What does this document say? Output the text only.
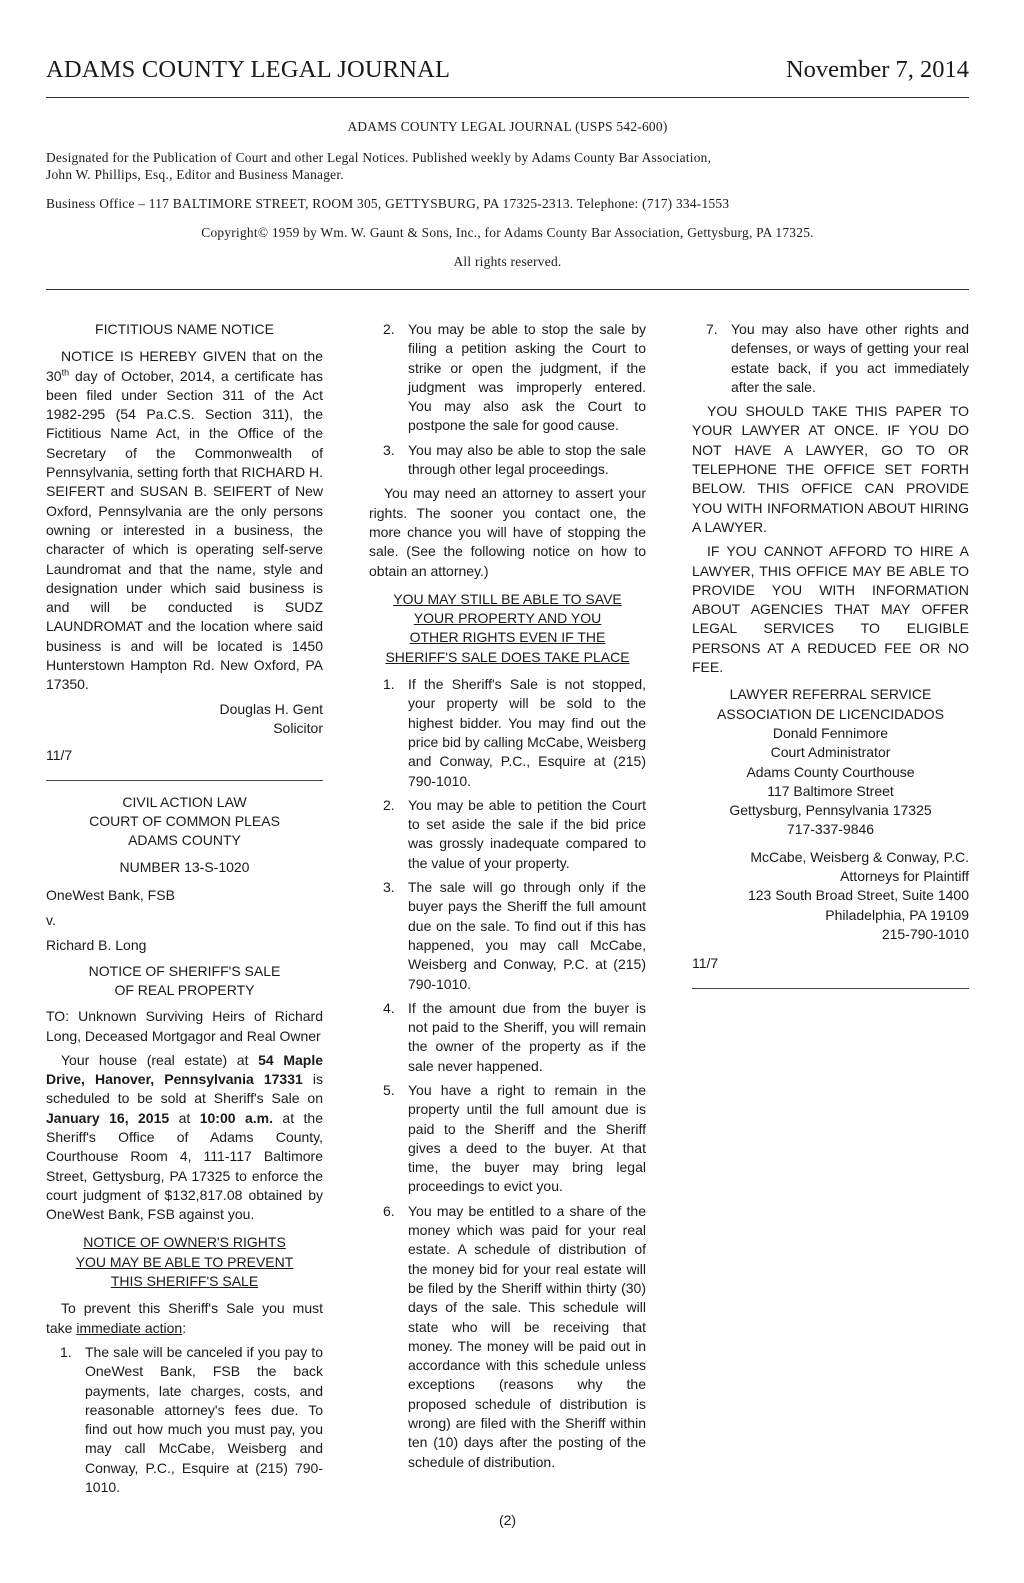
ADAMS COUNTY LEGAL JOURNAL	November 7, 2014

ADAMS COUNTY LEGAL JOURNAL (USPS 542-600)

Designated for the Publication of Court and other Legal Notices. Published weekly by Adams County Bar Association,

John W. Phillips, Esq., Editor and Business Manager.

Business Office – 117 BALTIMORE STREET, ROOM 305, GETTYSBURG, PA 17325-2313. Telephone: (717) 334-1553

Copyright© 1959 by Wm. W. Gaunt & Sons, Inc., for Adams County Bar Association, Gettysburg, PA 17325.

All rights reserved.

FICTITIOUS NAME NOTICE

NOTICE IS HEREBY GIVEN that on the 30th day of October, 2014, a certificate has been filed under Section 311 of the Act 1982-295 (54 Pa.C.S. Section 311), the Fictitious Name Act, in the Office of the Secretary of the Commonwealth of Pennsylvania, setting forth that RICHARD H. SEIFERT and SUSAN B. SEIFERT of New Oxford, Pennsylvania are the only persons owning or interested in a business, the character of which is operating self-serve Laundromat and that the name, style and designation under which said business is and will be conducted is SUDZ LAUNDROMAT and the location where said business is and will be located is 1450 Hunterstown Hampton Rd. New Oxford, PA 17350.

Douglas H. Gent

Solicitor

11/7

CIVIL ACTION LAW

COURT OF COMMON PLEAS

ADAMS COUNTY

NUMBER 13-S-1020

OneWest Bank, FSB

v.

Richard B. Long

NOTICE OF SHERIFF'S SALE

OF REAL PROPERTY

TO: Unknown Surviving Heirs of Richard Long, Deceased Mortgagor and Real Owner

Your house (real estate) at 54 Maple Drive, Hanover, Pennsylvania 17331 is scheduled to be sold at Sheriff's Sale on January 16, 2015 at 10:00 a.m. at the Sheriff's Office of Adams County, Courthouse Room 4, 111-117 Baltimore Street, Gettysburg, PA 17325 to enforce the court judgment of $132,817.08 obtained by OneWest Bank, FSB against you.

NOTICE OF OWNER'S RIGHTS

YOU MAY BE ABLE TO PREVENT

THIS SHERIFF'S SALE

To prevent this Sheriff's Sale you must take immediate action:

1. The sale will be canceled if you pay to OneWest Bank, FSB the back payments, late charges, costs, and reasonable attorney's fees due. To find out how much you must pay, you may call McCabe, Weisberg and Conway, P.C., Esquire at (215) 790-1010.
2. You may be able to stop the sale by filing a petition asking the Court to strike or open the judgment, if the judgment was improperly entered. You may also ask the Court to postpone the sale for good cause.
3. You may also be able to stop the sale through other legal proceedings.

You may need an attorney to assert your rights. The sooner you contact one, the more chance you will have of stopping the sale. (See the following notice on how to obtain an attorney.)

YOU MAY STILL BE ABLE TO SAVE

YOUR PROPERTY AND YOU

OTHER RIGHTS EVEN IF THE

SHERIFF'S SALE DOES TAKE PLACE

1. If the Sheriff's Sale is not stopped, your property will be sold to the highest bidder. You may find out the price bid by calling McCabe, Weisberg and Conway, P.C., Esquire at (215) 790-1010.
2. You may be able to petition the Court to set aside the sale if the bid price was grossly inadequate compared to the value of your property.
3. The sale will go through only if the buyer pays the Sheriff the full amount due on the sale. To find out if this has happened, you may call McCabe, Weisberg and Conway, P.C. at (215) 790-1010.
4. If the amount due from the buyer is not paid to the Sheriff, you will remain the owner of the property as if the sale never happened.
5. You have a right to remain in the property until the full amount due is paid to the Sheriff and the Sheriff gives a deed to the buyer. At that time, the buyer may bring legal proceedings to evict you.
6. You may be entitled to a share of the money which was paid for your real estate. A schedule of distribution of the money bid for your real estate will be filed by the Sheriff within thirty (30) days of the sale. This schedule will state who will be receiving that money. The money will be paid out in accordance with this schedule unless exceptions (reasons why the proposed schedule of distribution is wrong) are filed with the Sheriff within ten (10) days after the posting of the schedule of distribution.
7. You may also have other rights and defenses, or ways of getting your real estate back, if you act immediately after the sale.

YOU SHOULD TAKE THIS PAPER TO YOUR LAWYER AT ONCE. IF YOU DO NOT HAVE A LAWYER, GO TO OR TELEPHONE THE OFFICE SET FORTH BELOW. THIS OFFICE CAN PROVIDE YOU WITH INFORMATION ABOUT HIRING A LAWYER.

IF YOU CANNOT AFFORD TO HIRE A LAWYER, THIS OFFICE MAY BE ABLE TO PROVIDE YOU WITH INFORMATION ABOUT AGENCIES THAT MAY OFFER LEGAL SERVICES TO ELIGIBLE PERSONS AT A REDUCED FEE OR NO FEE.

LAWYER REFERRAL SERVICE

ASSOCIATION DE LICENCIDADOS

Donald Fennimore

Court Administrator

Adams County Courthouse

117 Baltimore Street

Gettysburg, Pennsylvania 17325

717-337-9846

McCabe, Weisberg & Conway, P.C.

Attorneys for Plaintiff

123 South Broad Street, Suite 1400

Philadelphia, PA 19109

215-790-1010

11/7

(2)
